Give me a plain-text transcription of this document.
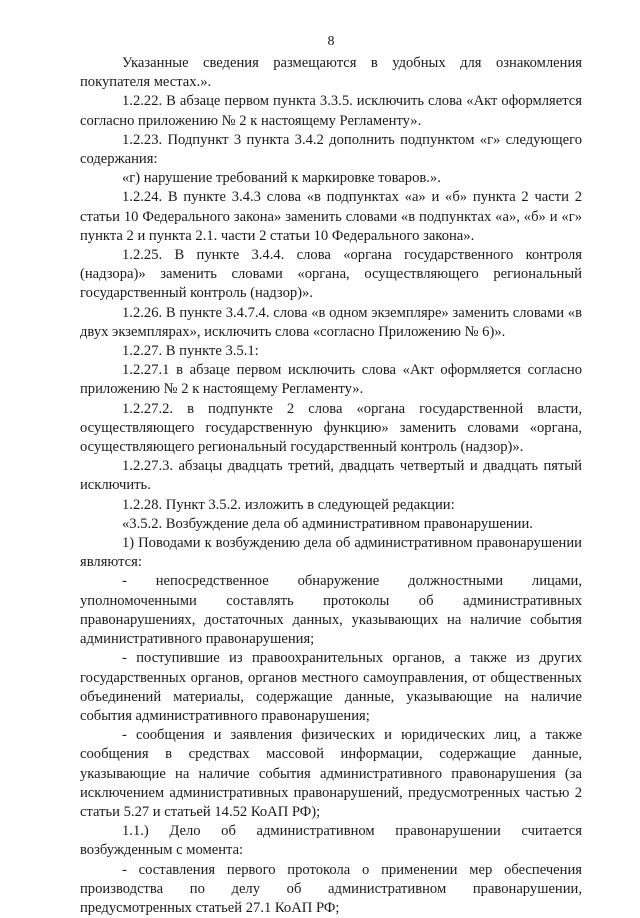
8

Указанные сведения размещаются в удобных для ознакомления покупателя местах.».

1.2.22. В абзаце первом пункта 3.3.5. исключить слова «Акт оформляется согласно приложению № 2 к настоящему Регламенту».

1.2.23. Подпункт 3 пункта 3.4.2 дополнить подпунктом «г» следующего содержания:

«г) нарушение требований к маркировке товаров.».

1.2.24. В пункте 3.4.3 слова «в подпунктах «а» и «б» пункта 2 части 2 статьи 10 Федерального закона» заменить словами «в подпунктах «а», «б» и «г» пункта 2 и пункта 2.1. части 2 статьи 10 Федерального закона».

1.2.25. В пункте 3.4.4. слова «органа государственного контроля (надзора)» заменить словами «органа, осуществляющего региональный государственный контроль (надзор)».

1.2.26. В пункте 3.4.7.4. слова «в одном экземпляре» заменить словами «в двух экземплярах», исключить слова «согласно Приложению № 6)».

1.2.27. В пункте 3.5.1:

1.2.27.1 в абзаце первом исключить слова «Акт оформляется согласно приложению № 2 к настоящему Регламенту».

1.2.27.2. в подпункте 2 слова «органа государственной власти, осуществляющего государственную функцию» заменить словами «органа, осуществляющего региональный государственный контроль (надзор)».

1.2.27.3. абзацы двадцать третий, двадцать четвертый и двадцать пятый исключить.

1.2.28. Пункт 3.5.2. изложить в следующей редакции:

«3.5.2. Возбуждение дела об административном правонарушении.

1) Поводами к возбуждению дела об административном правонарушении являются:

- непосредственное обнаружение должностными лицами, уполномоченными составлять протоколы об административных правонарушениях, достаточных данных, указывающих на наличие события административного правонарушения;

- поступившие из правоохранительных органов, а также из других государственных органов, органов местного самоуправления, от общественных объединений материалы, содержащие данные, указывающие на наличие события административного правонарушения;

- сообщения и заявления физических и юридических лиц, а также сообщения в средствах массовой информации, содержащие данные, указывающие на наличие события административного правонарушения (за исключением административных правонарушений, предусмотренных частью 2 статьи 5.27 и статьей 14.52 КоАП РФ);

1.1.) Дело об административном правонарушении считается возбужденным с момента:

- составления первого протокола о применении мер обеспечения производства по делу об административном правонарушении, предусмотренных статьей 27.1 КоАП РФ;
